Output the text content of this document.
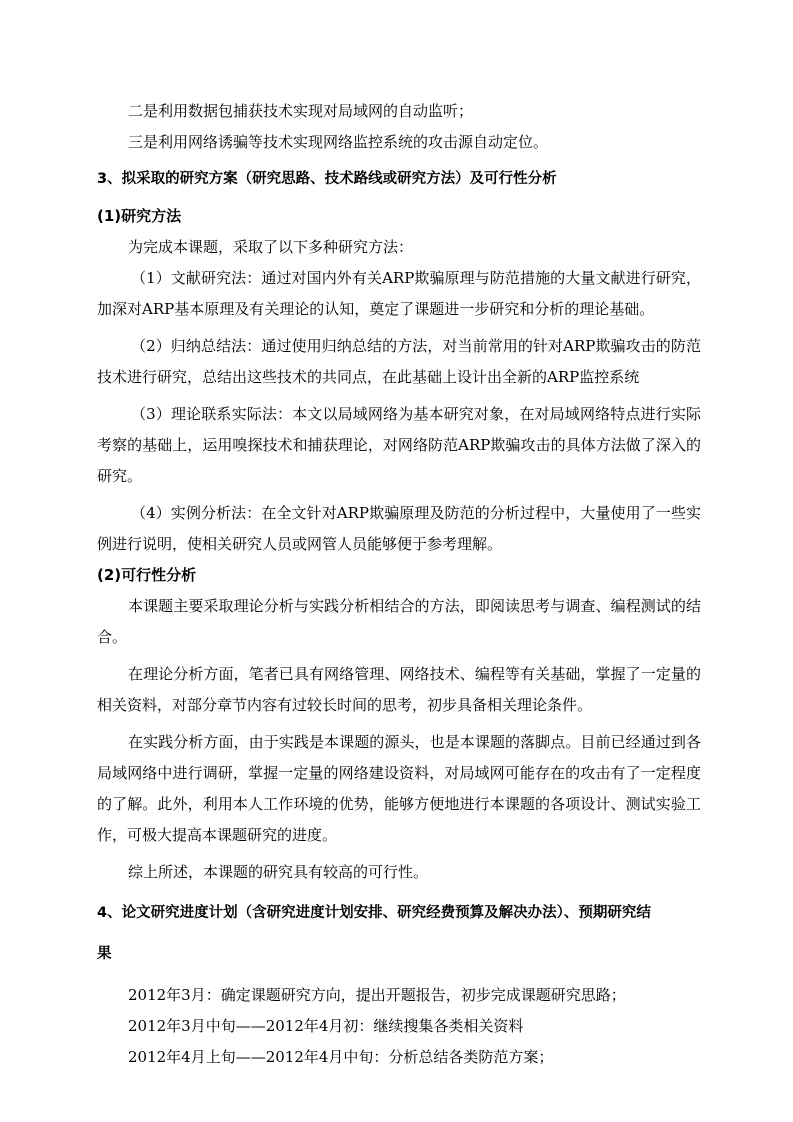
二是利用数据包捕获技术实现对局域网的自动监听；
三是利用网络诱骗等技术实现网络监控系统的攻击源自动定位。
3、拟采取的研究方案（研究思路、技术路线或研究方法）及可行性分析
(1)研究方法
为完成本课题，采取了以下多种研究方法：
（1）文献研究法：通过对国内外有关ARP欺骗原理与防范措施的大量文献进行研究，加深对ARP基本原理及有关理论的认知，奠定了课题进一步研究和分析的理论基础。
（2）归纳总结法：通过使用归纳总结的方法，对当前常用的针对ARP欺骗攻击的防范技术进行研究，总结出这些技术的共同点，在此基础上设计出全新的ARP监控系统
（3）理论联系实际法：本文以局域网络为基本研究对象，在对局域网络特点进行实际考察的基础上，运用嗅探技术和捕获理论，对网络防范ARP欺骗攻击的具体方法做了深入的研究。
（4）实例分析法：在全文针对ARP欺骗原理及防范的分析过程中，大量使用了一些实例进行说明，使相关研究人员或网管人员能够便于参考理解。
(2)可行性分析
本课题主要采取理论分析与实践分析相结合的方法，即阅读思考与调查、编程测试的结合。
在理论分析方面，笔者已具有网络管理、网络技术、编程等有关基础，掌握了一定量的相关资料，对部分章节内容有过较长时间的思考，初步具备相关理论条件。
在实践分析方面，由于实践是本课题的源头，也是本课题的落脚点。目前已经通过到各局域网络中进行调研，掌握一定量的网络建设资料，对局域网可能存在的攻击有了一定程度的了解。此外，利用本人工作环境的优势，能够方便地进行本课题的各项设计、测试实验工作，可极大提高本课题研究的进度。
综上所述，本课题的研究具有较高的可行性。
4、论文研究进度计划（含研究进度计划安排、研究经费预算及解决办法）、预期研究结
果
2012年3月：确定课题研究方向，提出开题报告，初步完成课题研究思路；
2012年3月中旬——2012年4月初：继续搜集各类相关资料
2012年4月上旬——2012年4月中旬：分析总结各类防范方案；
